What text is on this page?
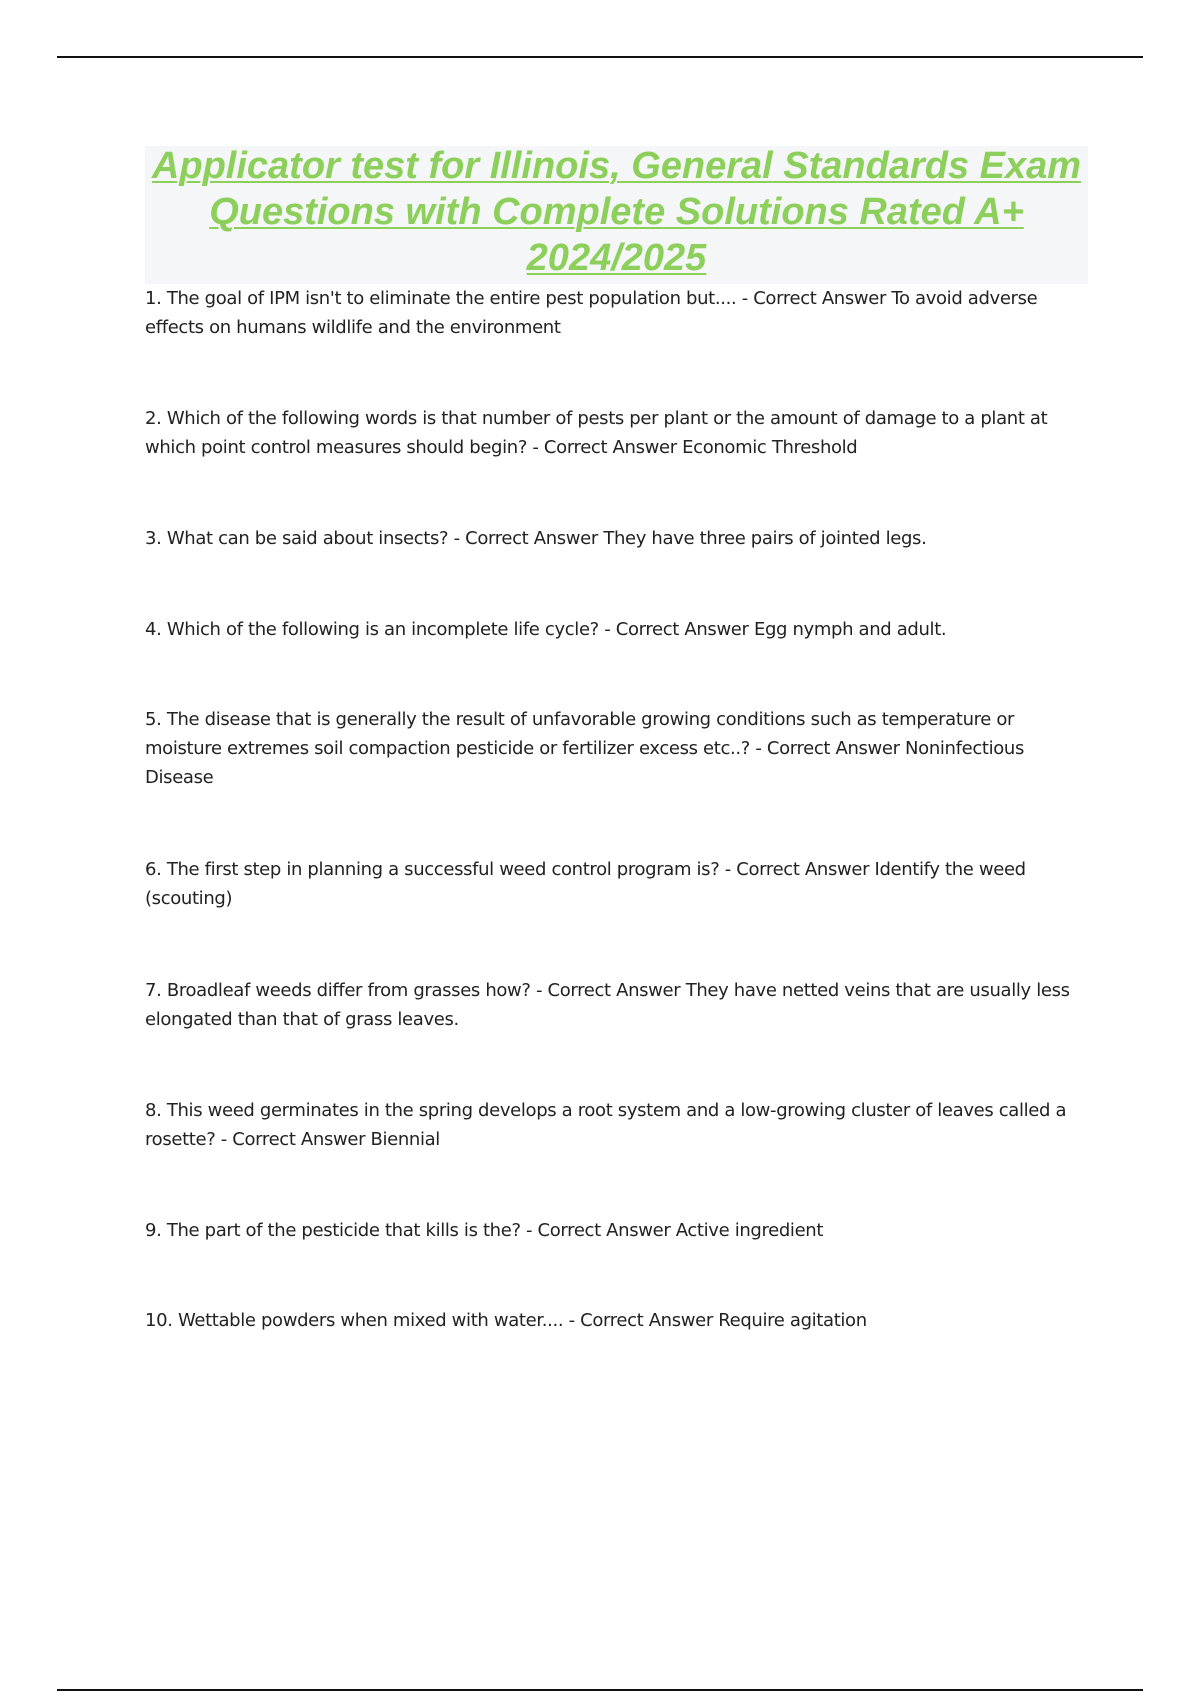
Applicator test for Illinois, General Standards Exam Questions with Complete Solutions Rated A+ 2024/2025
1. The goal of IPM isn't to eliminate the entire pest population but.... - Correct Answer To avoid adverse effects on humans wildlife and the environment
2. Which of the following words is that number of pests per plant or the amount of damage to a plant at which point control measures should begin? - Correct Answer Economic Threshold
3. What can be said about insects? - Correct Answer They have three pairs of jointed legs.
4. Which of the following is an incomplete life cycle? - Correct Answer Egg nymph and adult.
5. The disease that is generally the result of unfavorable growing conditions such as temperature or moisture extremes soil compaction pesticide or fertilizer excess etc..? - Correct Answer Noninfectious Disease
6. The first step in planning a successful weed control program is? - Correct Answer Identify the weed (scouting)
7. Broadleaf weeds differ from grasses how? - Correct Answer They have netted veins that are usually less elongated than that of grass leaves.
8. This weed germinates in the spring develops a root system and a low-growing cluster of leaves called a rosette? - Correct Answer Biennial
9. The part of the pesticide that kills is the? - Correct Answer Active ingredient
10. Wettable powders when mixed with water.... - Correct Answer Require agitation
